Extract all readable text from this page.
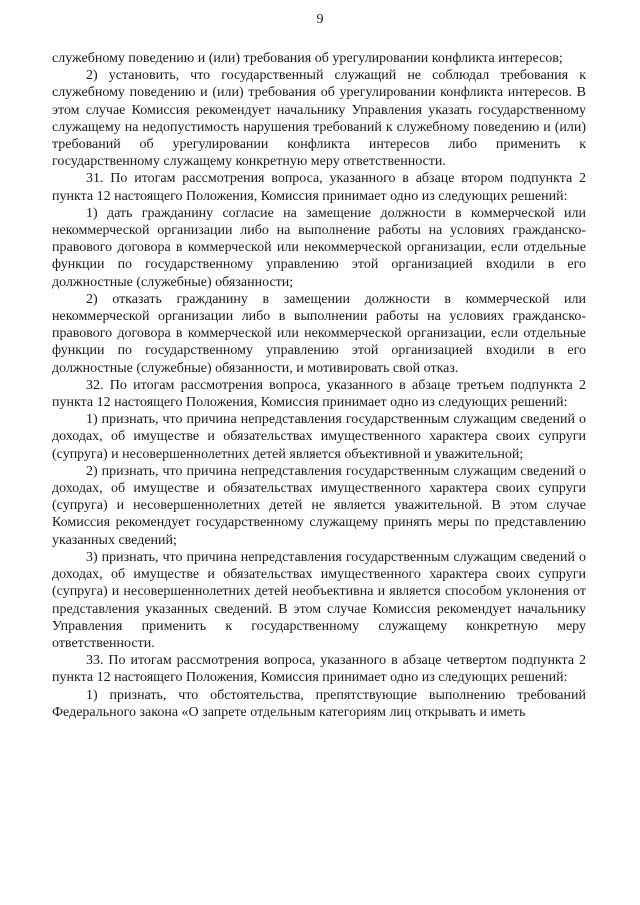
9

служебному поведению и (или) требования об урегулировании конфликта интересов;

2) установить, что государственный служащий не соблюдал требования к служебному поведению и (или) требования об урегулировании конфликта интересов. В этом случае Комиссия рекомендует начальнику Управления указать государственному служащему на недопустимость нарушения требований к служебному поведению и (или) требований об урегулировании конфликта интересов либо применить к государственному служащему конкретную меру ответственности.

31. По итогам рассмотрения вопроса, указанного в абзаце втором подпункта 2 пункта 12 настоящего Положения, Комиссия принимает одно из следующих решений:

1) дать гражданину согласие на замещение должности в коммерческой или некоммерческой организации либо на выполнение работы на условиях гражданско-правового договора в коммерческой или некоммерческой организации, если отдельные функции по государственному управлению этой организацией входили в его должностные (служебные) обязанности;

2) отказать гражданину в замещении должности в коммерческой или некоммерческой организации либо в выполнении работы на условиях гражданско-правового договора в коммерческой или некоммерческой организации, если отдельные функции по государственному управлению этой организацией входили в его должностные (служебные) обязанности, и мотивировать свой отказ.

32. По итогам рассмотрения вопроса, указанного в абзаце третьем подпункта 2 пункта 12 настоящего Положения, Комиссия принимает одно из следующих решений:

1) признать, что причина непредставления государственным служащим сведений о доходах, об имуществе и обязательствах имущественного характера своих супруги (супруга) и несовершеннолетних детей является объективной и уважительной;

2) признать, что причина непредставления государственным служащим сведений о доходах, об имуществе и обязательствах имущественного характера своих супруги (супруга) и несовершеннолетних детей не является уважительной. В этом случае Комиссия рекомендует государственному служащему принять меры по представлению указанных сведений;

3) признать, что причина непредставления государственным служащим сведений о доходах, об имуществе и обязательствах имущественного характера своих супруги (супруга) и несовершеннолетних детей необъективна и является способом уклонения от представления указанных сведений. В этом случае Комиссия рекомендует начальнику Управления применить к государственному служащему конкретную меру ответственности.

33. По итогам рассмотрения вопроса, указанного в абзаце четвертом подпункта 2 пункта 12 настоящего Положения, Комиссия принимает одно из следующих решений:

1) признать, что обстоятельства, препятствующие выполнению требований Федерального закона «О запрете отдельным категориям лиц открывать и иметь
